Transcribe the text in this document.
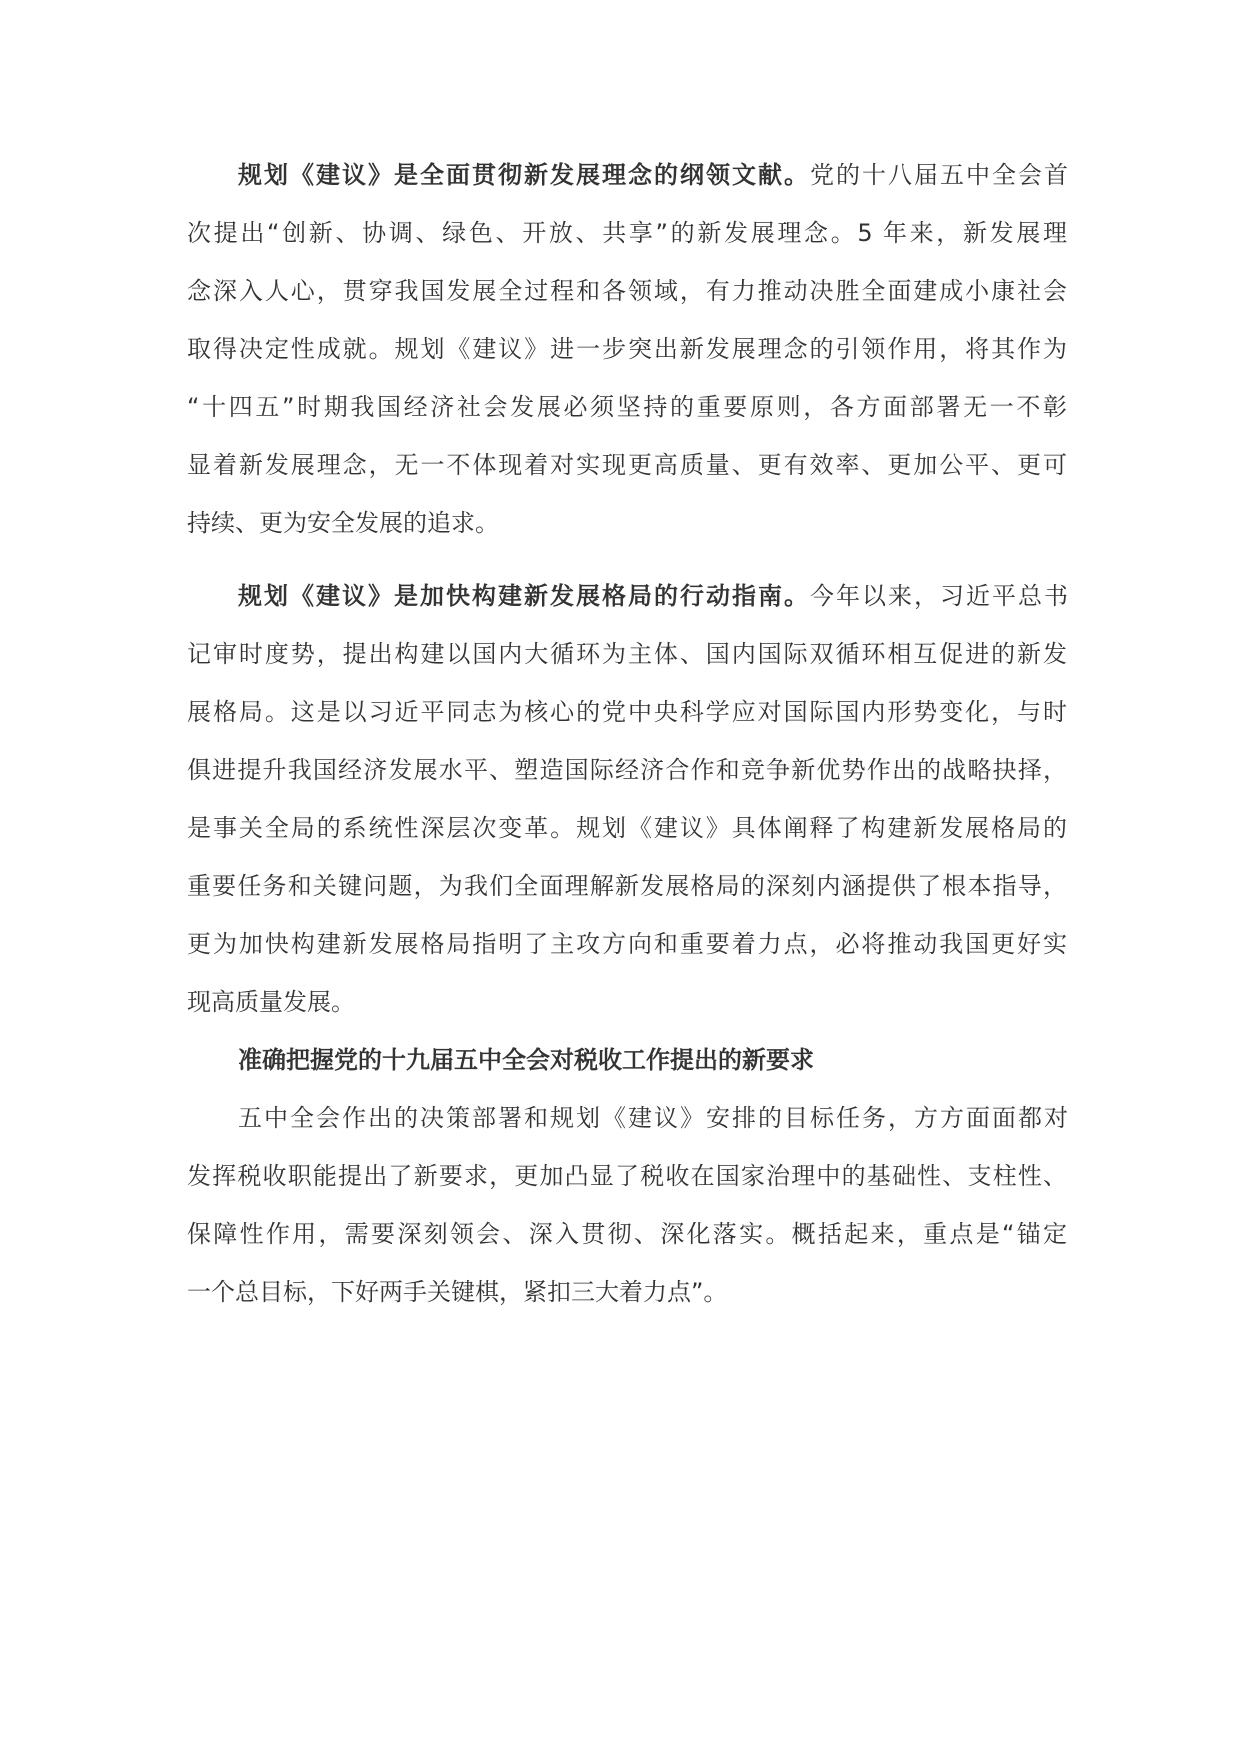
规划《建议》是全面贯彻新发展理念的纲领文献。党的十八届五中全会首
次提出“创新、协调、绿色、开放、共享”的新发展理念。5 年来，新发展理
念深入人心，贯穿我国发展全过程和各领域，有力推动决胜全面建成小康社会
取得决定性成就。规划《建议》进一步突出新发展理念的引领作用，将其作为
“十四五”时期我国经济社会发展必须坚持的重要原则，各方面部署无一不彰
显着新发展理念，无一不体现着对实现更高质量、更有效率、更加公平、更可
持续、更为安全发展的追求。
规划《建议》是加快构建新发展格局的行动指南。今年以来，习近平总书
记审时度势，提出构建以国内大循环为主体、国内国际双循环相互促进的新发
展格局。这是以习近平同志为核心的党中央科学应对国际国内形势变化，与时
俱进提升我国经济发展水平、塑造国际经济合作和竞争新优势作出的战略抉择，
是事关全局的系统性深层次变革。规划《建议》具体阐释了构建新发展格局的
重要任务和关键问题，为我们全面理解新发展格局的深刻内涵提供了根本指导，
更为加快构建新发展格局指明了主攻方向和重要着力点，必将推动我国更好实
现高质量发展。
准确把握党的十九届五中全会对税收工作提出的新要求
五中全会作出的决策部署和规划《建议》安排的目标任务，方方面面都对
发挥税收职能提出了新要求，更加凸显了税收在国家治理中的基础性、支柱性、
保障性作用，需要深刻领会、深入贯彻、深化落实。概括起来，重点是“锚定
一个总目标，下好两手关键棋，紧扣三大着力点”。
